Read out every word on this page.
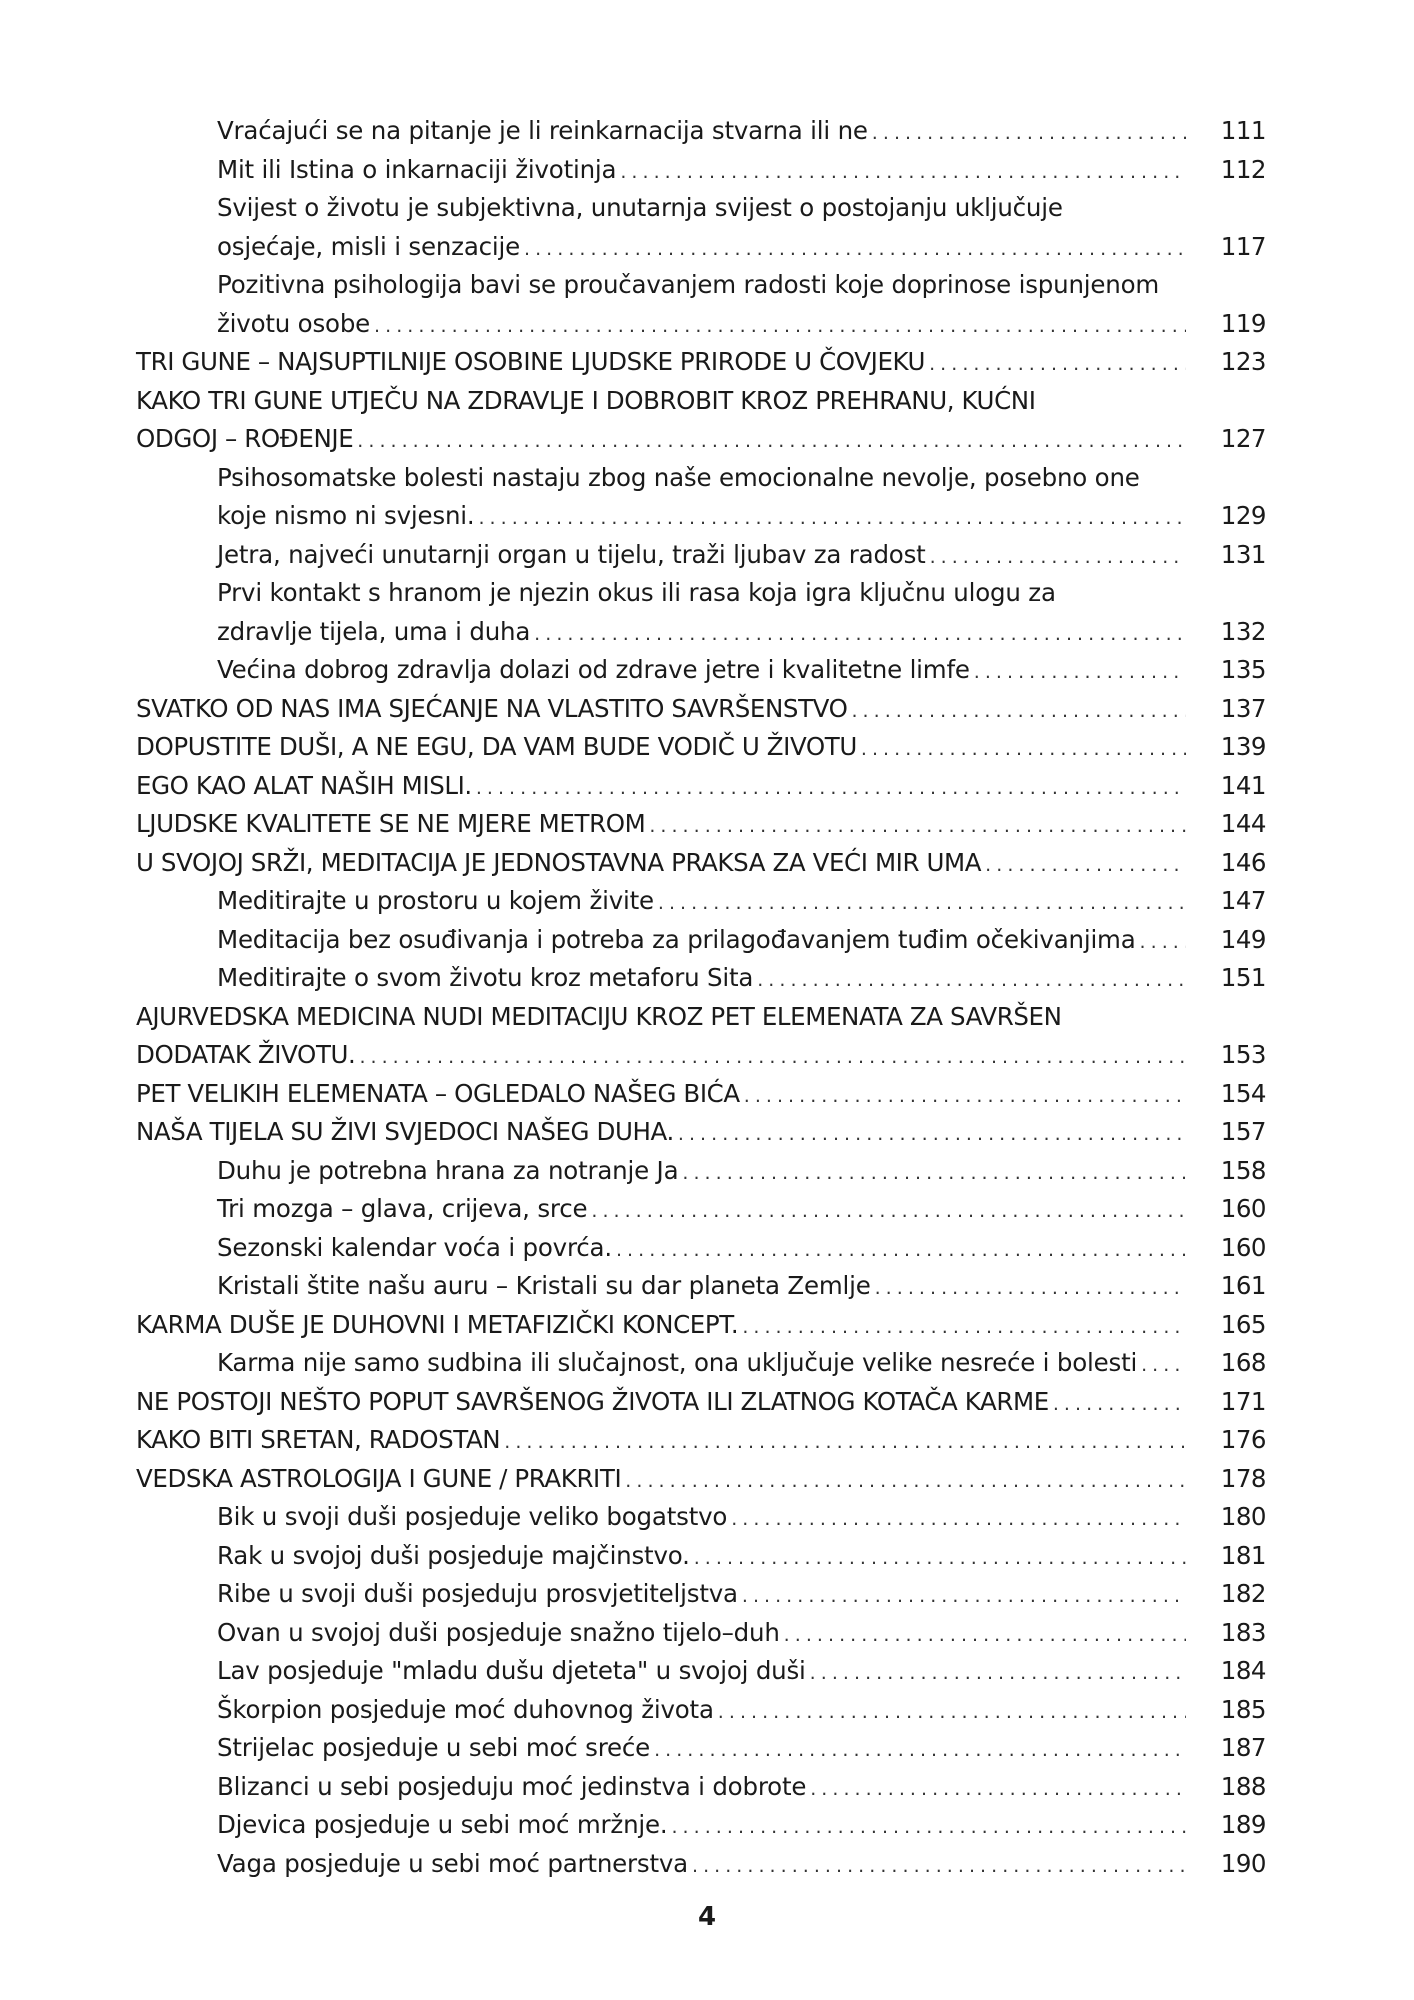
Vraćajući se na pitanje je li reinkarnacija stvarna ili ne . . .	111
Mit ili Istina o inkarnaciji životinja . . .	112
Svijest o životu je subjektivna, unutarnja svijest o postojanju uključuje
osjećaje, misli i senzacije . . .	117
Pozitivna psihologija bavi se proučavanjem radosti koje doprinose ispunjenom
životu osobe . . .	119
TRI GUNE – NAJSUPTILNIJE OSOBINE LJUDSKE PRIRODE U ČOVJEKU . . .	123
KAKO TRI GUNE UTJEČU NA ZDRAVLJE I DOBROBIT KROZ PREHRANU, KUĆNI
ODGOJ – ROĐENJE . . .	127
Psihosomatske bolesti nastaju zbog naše emocionalne nevolje, posebno one
koje nismo ni svjesni. . . .	129
Jetra, najveći unutarnji organ u tijelu, traži ljubav za radost . . .	131
Prvi kontakt s hranom je njezin okus ili rasa koja igra ključnu ulogu za
zdravlje tijela, uma i duha . . .	132
Većina dobrog zdravlja dolazi od zdrave jetre i kvalitetne limfe . . .	135
SVATKO OD NAS IMA SJEĆANJE NA VLASTITO SAVRŠENSTVO . . .	137
DOPUSTITE DUŠI, A NE EGU, DA VAM BUDE VODIČ U ŽIVOTU . . .	139
EGO KAO ALAT NAŠIH MISLI. . . .	141
LJUDSKE KVALITETE SE NE MJERE METROM . . .	144
U SVOJOJ SRŽI, MEDITACIJA JE JEDNOSTAVNA PRAKSA ZA VEĆI MIR UMA . . .	146
Meditirajte u prostoru u kojem živite . . .	147
Meditacija bez osuđivanja i potreba za prilagođavanjem tuđim očekivanjima . . .	149
Meditirajte o svom životu kroz metaforu Sita . . .	151
AJURVEDSKA MEDICINA NUDI MEDITACIJU KROZ PET ELEMENATA ZA SAVRŠEN
DODATAK ŽIVOTU. . . .	153
PET VELIKIH ELEMENATA – OGLEDALO NAŠEG BIĆA . . .	154
NAŠA TIJELA SU ŽIVI SVJEDOCI NAŠEG DUHA. . . .	157
Duhu je potrebna hrana za notranje Ja . . .	158
Tri mozga – glava, crijeva, srce . . .	160
Sezonski kalendar voća i povrća. . . .	160
Kristali štite našu auru – Kristali su dar planeta Zemlje . . .	161
KARMA DUŠE JE DUHOVNI I METAFIZIČKI KONCEPT. . . .	165
Karma nije samo sudbina ili slučajnost, ona uključuje velike nesreće i bolesti . . .	168
NE POSTOJI NEŠTO POPUT SAVRŠENOG ŽIVOTA ILI ZLATNOG KOTAČA KARME . . .	171
KAKO BITI SRETAN, RADOSTAN . . .	176
VEDSKA ASTROLOGIJA I GUNE / PRAKRITI . . .	178
Bik u svoji duši posjeduje veliko bogatstvo . . .	180
Rak u svojoj duši posjeduje majčinstvo. . . .	181
Ribe u svoji duši posjeduju prosvjetiteljstva . . .	182
Ovan u svojoj duši posjeduje snažno tijelo–duh . . .	183
Lav posjeduje "mladu dušu djeteta" u svojoj duši . . .	184
Škorpion posjeduje moć duhovnog života . . .	185
Strijelac posjeduje u sebi moć sreće . . .	187
Blizanci u sebi posjeduju moć jedinstva i dobrote . . .	188
Djevica posjeduje u sebi moć mržnje. . . .	189
Vaga posjeduje u sebi moć partnerstva . . .	190
4
